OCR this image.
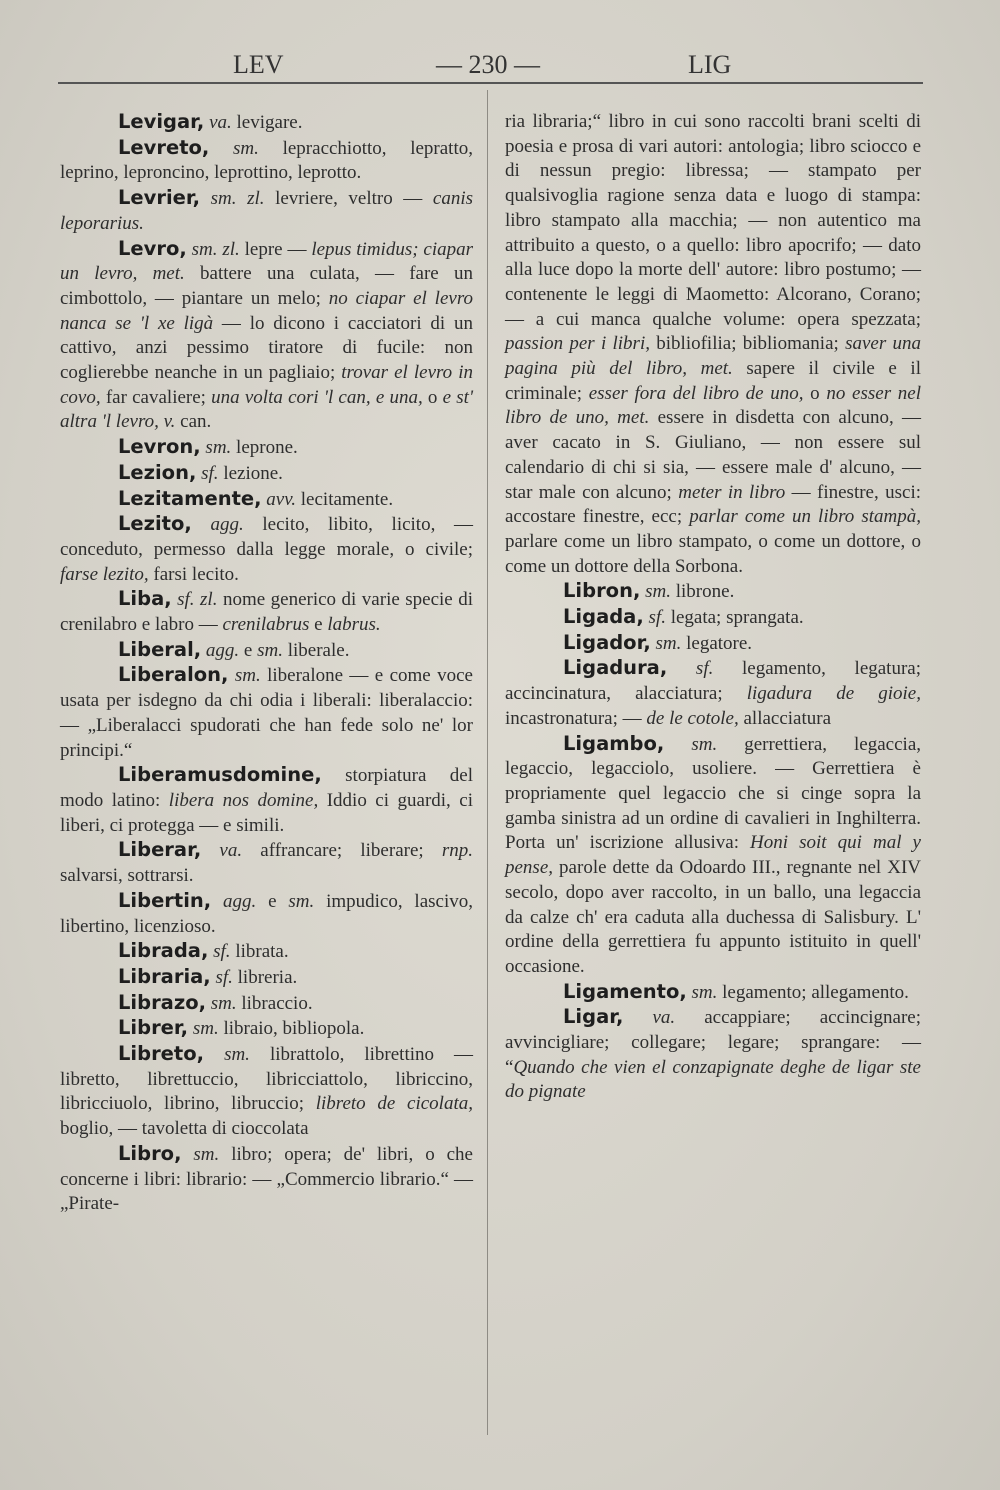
LEV	— 230 —	LIG

Levigar, va. levigare.

Levreto, sm. lepracchiotto, lepratto, leprino, leproncino, leprottino, leprotto.

Levrier, sm. zl. levriere, veltro — canis leporarius.

Levro, sm. zl. lepre — lepus timidus; ciapar un levro, met. battere una culata, — fare un cimbottolo, — piantare un melo; no ciapar el levro nanca se 'l xe ligà — lo dicono i cacciatori di un cattivo, anzi pessimo tiratore di fucile: non coglierebbe neanche in un pagliaio; trovar el levro in covo, far cavaliere; una volta cori 'l can, e una, o e st' altra 'l levro, v. can.

Levron, sm. leprone.

Lezion, sf. lezione.

Lezitamente, avv. lecitamente.

Lezito, agg. lecito, libito, licito, — conceduto, permesso dalla legge morale, o civile; farse lezito, farsi lecito.

Liba, sf. zl. nome generico di varie specie di crenilabro e labro — crenilabrus e labrus.

Liberal, agg. e sm. liberale.

Liberalon, sm. liberalone — e come voce usata per isdegno da chi odia i liberali: liberalaccio: — „Liberalacci spudorati che han fede solo ne' lor principi.“

Liberamusdomine, storpiatura del modo latino: libera nos domine, Iddio ci guardi, ci liberi, ci protegga — e simili.

Liberar, va. affrancare; liberare; rnp. salvarsi, sottrarsi.

Libertin, agg. e sm. impudico, lascivo, libertino, licenzioso.

Librada, sf. librata.

Libraria, sf. libreria.

Librazo, sm. libraccio.

Librer, sm. libraio, bibliopola.

Libreto, sm. librattolo, librettino — libretto, librettuccio, libricciattolo, libriccino, libricciuolo, librino, libruccio; libreto de cicolata, boglio, — tavoletta di cioccolata

Libro, sm. libro; opera; de' libri, o che concerne i libri: librario: — „Commercio librario.“ — „Pirate-

ria libraria;“ libro in cui sono raccolti brani scelti di poesia e prosa di vari autori: antologia; libro sciocco e di nessun pregio: libressa; — stampato per qualsivoglia ragione senza data e luogo di stampa: libro stampato alla macchia; — non autentico ma attribuito a questo, o a quello: libro apocrifo; — dato alla luce dopo la morte dell' autore: libro postumo; — contenente le leggi di Maometto: Alcorano, Corano; — a cui manca qualche volume: opera spezzata; passion per i libri, bibliofilia; bibliomania; saver una pagina più del libro, met. sapere il civile e il criminale; esser fora del libro de uno, o no esser nel libro de uno, met. essere in disdetta con alcuno, — aver cacato in S. Giuliano, — non essere sul calendario di chi si sia, — essere male d' alcuno, — star male con alcuno; meter in libro — finestre, usci: accostare finestre, ecc; parlar come un libro stampà, parlare come un libro stampato, o come un dottore, o come un dottore della Sorbona.

Libron, sm. librone.

Ligada, sf. legata; sprangata.

Ligador, sm. legatore.

Ligadura, sf. legamento, legatura; accincinatura, alacciatura; ligadura de gioie, incastronatura; — de le cotole, allacciatura

Ligambo, sm. gerrettiera, legaccia, legaccio, legacciolo, usoliere. — Gerrettiera è propriamente quel legaccio che si cinge sopra la gamba sinistra ad un ordine di cavalieri in Inghilterra. Porta un' iscrizione allusiva: Honi soit qui mal y pense, parole dette da Odoardo III., regnante nel XIV secolo, dopo aver raccolto, in un ballo, una legaccia da calze ch' era caduta alla duchessa di Salisbury. L' ordine della gerrettiera fu appunto istituito in quell' occasione.

Ligamento, sm. legamento; allegamento.

Ligar, va. accappiare; accincignare; avvincigliare; collegare; legare; sprangare: — “Quando che vien el conzapignate deghe de ligar ste do pignate
